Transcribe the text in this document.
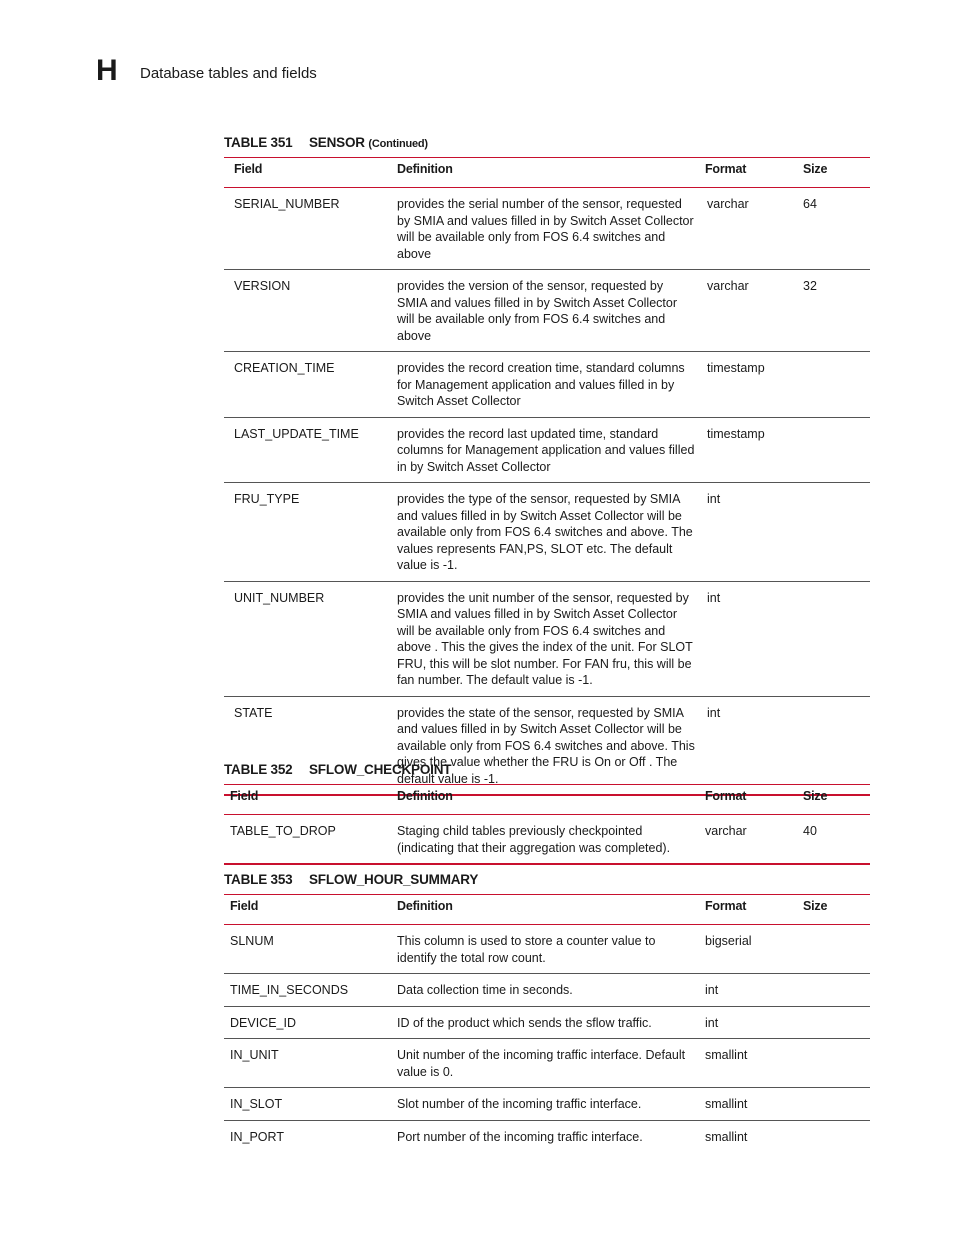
H Database tables and fields
TABLE 351 SENSOR (Continued)
Field	Definition	Format	Size
SERIAL_NUMBER	provides the serial number of the sensor, requested by SMIA and values filled in by Switch Asset Collector will be available only from FOS 6.4 switches and above	varchar	64
VERSION	provides the version of the sensor, requested by SMIA and values filled in by Switch Asset Collector will be available only from FOS 6.4 switches and above	varchar	32
CREATION_TIME	provides the record creation time, standard columns for Management application and values filled in by Switch Asset Collector	timestamp	
LAST_UPDATE_TIME	provides the record last updated time, standard columns for Management application and values filled in by Switch Asset Collector	timestamp	
FRU_TYPE	provides the type of the sensor, requested by SMIA and values filled in by Switch Asset Collector will be available only from FOS 6.4 switches and above. The values represents FAN,PS, SLOT etc. The default value is -1.	int	
UNIT_NUMBER	provides the unit number of the sensor, requested by SMIA and values filled in by Switch Asset Collector will be available only from FOS 6.4 switches and above . This the gives the index of the unit. For SLOT FRU, this will be slot number. For FAN fru, this will be fan number. The default value is -1.	int	
STATE	provides the state of the sensor, requested by SMIA and values filled in by Switch Asset Collector will be available only from FOS 6.4 switches and above. This gives the value whether the FRU is On or Off . The default value is -1.	int	
TABLE 352 SFLOW_CHECKPOINT
Field	Definition	Format	Size
TABLE_TO_DROP	Staging child tables previously checkpointed (indicating that their aggregation was completed).	varchar	40
TABLE 353 SFLOW_HOUR_SUMMARY
Field	Definition	Format	Size
SLNUM	This column is used to store a counter value to identify the total row count.	bigserial	
TIME_IN_SECONDS	Data collection time in seconds.	int	
DEVICE_ID	ID of the product which sends the sflow traffic.	int	
IN_UNIT	Unit number of the incoming traffic interface. Default value is 0.	smallint	
IN_SLOT	Slot number of the incoming traffic interface.	smallint	
IN_PORT	Port number of the incoming traffic interface.	smallint	
